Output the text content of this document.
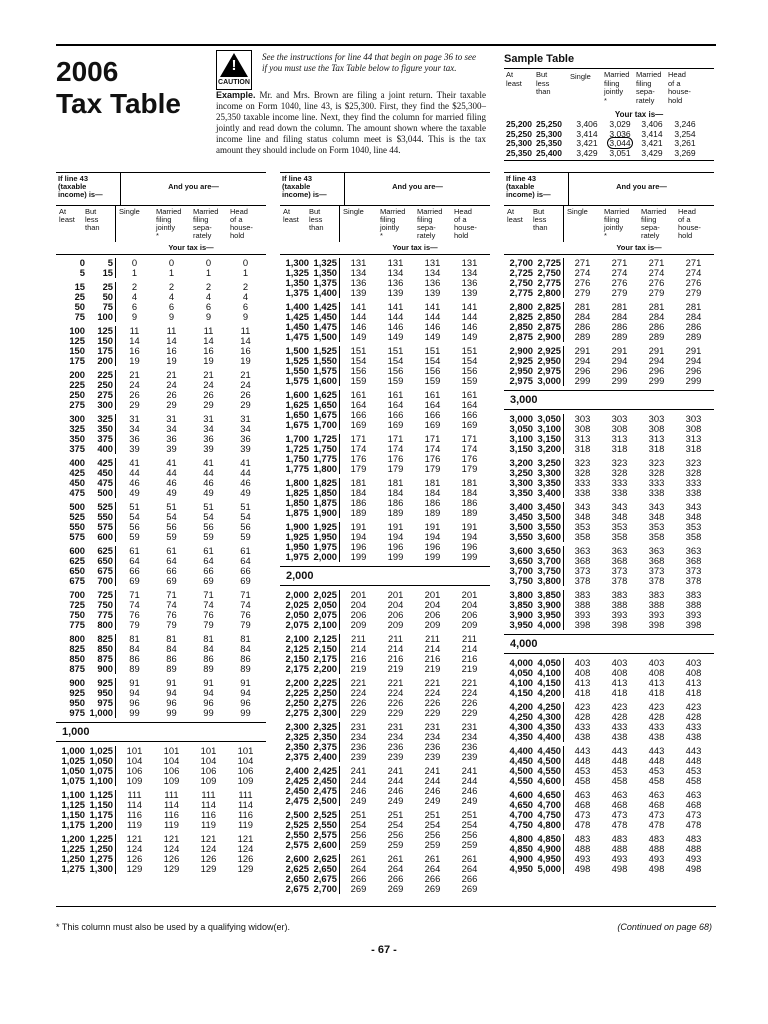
2006
Tax Table
!
CAUTION
See the instructions for line 44 that begin on page 36 to see if you must use the Tax Table below to figure your tax.
Example. Mr. and Mrs. Brown are filing a joint return. Their taxable income on Form 1040, line 43, is $25,300. First, they find the $25,300–25,350 taxable income line. Next, they find the column for married filing jointly and read down the column. The amount shown where the taxable income line and filing status column meet is $3,044. This is the tax amount they should include on Form 1040, line 44.
Sample Table
At
least
But
less
than
Single	Married
filing
jointly
*
Married
filing
sepa-
rately
Head
of a
house-
hold
Your tax is—
25,200 25,250	3,406	3,029	3,406	3,246
25,250 25,300	3,414	3,036	3,414	3,254
25,300 25,350	3,421	3,044	3,421	3,261
25,350 25,400	3,429	3,051	3,429	3,269
If line 43
(taxable
income) is—
And you are—
At
least
But
less
than
Single	Married
filing
jointly
*
Married
filing
sepa-
rately
Head
of a
house-
hold
Your tax is—
0	5	0	0	0	0
5	15	1	1	1	1
15	25	2	2	2	2
25	50	4	4	4	4
50	75	6	6	6	6
75	100	9	9	9	9
100	125	11	11	11	11
125	150	14	14	14	14
150	175	16	16	16	16
175	200	19	19	19	19
200	225	21	21	21	21
225	250	24	24	24	24
250	275	26	26	26	26
275	300	29	29	29	29
300	325	31	31	31	31
325	350	34	34	34	34
350	375	36	36	36	36
375	400	39	39	39	39
400	425	41	41	41	41
425	450	44	44	44	44
450	475	46	46	46	46
475	500	49	49	49	49
500	525	51	51	51	51
525	550	54	54	54	54
550	575	56	56	56	56
575	600	59	59	59	59
600	625	61	61	61	61
625	650	64	64	64	64
650	675	66	66	66	66
675	700	69	69	69	69
700	725	71	71	71	71
725	750	74	74	74	74
750	775	76	76	76	76
775	800	79	79	79	79
800	825	81	81	81	81
825	850	84	84	84	84
850	875	86	86	86	86
875	900	89	89	89	89
900	925	91	91	91	91
925	950	94	94	94	94
950	975	96	96	96	96
975 1,000	99	99	99	99
1,000
1,000 1,025	101	101	101	101
1,025 1,050	104	104	104	104
1,050 1,075	106	106	106	106
1,075 1,100	109	109	109	109
1,100 1,125	111	111	111	111
1,125 1,150	114	114	114	114
1,150 1,175	116	116	116	116
1,175 1,200	119	119	119	119
1,200 1,225	121	121	121	121
1,225 1,250	124	124	124	124
1,250 1,275	126	126	126	126
1,275 1,300	129	129	129	129
If line 43
(taxable
income) is—
And you are—
At
least
But
less
than
Single	Married
filing
jointly
*
Married
filing
sepa-
rately
Head
of a
house-
hold
Your tax is—
1,300 1,325	131	131	131	131
1,325 1,350	134	134	134	134
1,350 1,375	136	136	136	136
1,375 1,400	139	139	139	139
1,400 1,425	141	141	141	141
1,425 1,450	144	144	144	144
1,450 1,475	146	146	146	146
1,475 1,500	149	149	149	149
1,500 1,525	151	151	151	151
1,525 1,550	154	154	154	154
1,550 1,575	156	156	156	156
1,575 1,600	159	159	159	159
1,600 1,625	161	161	161	161
1,625 1,650	164	164	164	164
1,650 1,675	166	166	166	166
1,675 1,700	169	169	169	169
1,700 1,725	171	171	171	171
1,725 1,750	174	174	174	174
1,750 1,775	176	176	176	176
1,775 1,800	179	179	179	179
1,800 1,825	181	181	181	181
1,825 1,850	184	184	184	184
1,850 1,875	186	186	186	186
1,875 1,900	189	189	189	189
1,900 1,925	191	191	191	191
1,925 1,950	194	194	194	194
1,950 1,975	196	196	196	196
1,975 2,000	199	199	199	199
2,000
2,000 2,025	201	201	201	201
2,025 2,050	204	204	204	204
2,050 2,075	206	206	206	206
2,075 2,100	209	209	209	209
2,100 2,125	211	211	211	211
2,125 2,150	214	214	214	214
2,150 2,175	216	216	216	216
2,175 2,200	219	219	219	219
2,200 2,225	221	221	221	221
2,225 2,250	224	224	224	224
2,250 2,275	226	226	226	226
2,275 2,300	229	229	229	229
2,300 2,325	231	231	231	231
2,325 2,350	234	234	234	234
2,350 2,375	236	236	236	236
2,375 2,400	239	239	239	239
2,400 2,425	241	241	241	241
2,425 2,450	244	244	244	244
2,450 2,475	246	246	246	246
2,475 2,500	249	249	249	249
2,500 2,525	251	251	251	251
2,525 2,550	254	254	254	254
2,550 2,575	256	256	256	256
2,575 2,600	259	259	259	259
2,600 2,625	261	261	261	261
2,625 2,650	264	264	264	264
2,650 2,675	266	266	266	266
2,675 2,700	269	269	269	269
If line 43
(taxable
income) is—
And you are—
At
least
But
less
than
Single	Married
filing
jointly
*
Married
filing
sepa-
rately
Head
of a
house-
hold
Your tax is—
2,700 2,725	271	271	271	271
2,725 2,750	274	274	274	274
2,750 2,775	276	276	276	276
2,775 2,800	279	279	279	279
2,800 2,825	281	281	281	281
2,825 2,850	284	284	284	284
2,850 2,875	286	286	286	286
2,875 2,900	289	289	289	289
2,900 2,925	291	291	291	291
2,925 2,950	294	294	294	294
2,950 2,975	296	296	296	296
2,975 3,000	299	299	299	299
3,000
3,000 3,050	303	303	303	303
3,050 3,100	308	308	308	308
3,100 3,150	313	313	313	313
3,150 3,200	318	318	318	318
3,200 3,250	323	323	323	323
3,250 3,300	328	328	328	328
3,300 3,350	333	333	333	333
3,350 3,400	338	338	338	338
3,400 3,450	343	343	343	343
3,450 3,500	348	348	348	348
3,500 3,550	353	353	353	353
3,550 3,600	358	358	358	358
3,600 3,650	363	363	363	363
3,650 3,700	368	368	368	368
3,700 3,750	373	373	373	373
3,750 3,800	378	378	378	378
3,800 3,850	383	383	383	383
3,850 3,900	388	388	388	388
3,900 3,950	393	393	393	393
3,950 4,000	398	398	398	398
4,000
4,000 4,050	403	403	403	403
4,050 4,100	408	408	408	408
4,100 4,150	413	413	413	413
4,150 4,200	418	418	418	418
4,200 4,250	423	423	423	423
4,250 4,300	428	428	428	428
4,300 4,350	433	433	433	433
4,350 4,400	438	438	438	438
4,400 4,450	443	443	443	443
4,450 4,500	448	448	448	448
4,500 4,550	453	453	453	453
4,550 4,600	458	458	458	458
4,600 4,650	463	463	463	463
4,650 4,700	468	468	468	468
4,700 4,750	473	473	473	473
4,750 4,800	478	478	478	478
4,800 4,850	483	483	483	483
4,850 4,900	488	488	488	488
4,900 4,950	493	493	493	493
4,950 5,000	498	498	498	498
* This column must also be used by a qualifying widow(er).	(Continued on page 68)
- 67 -
